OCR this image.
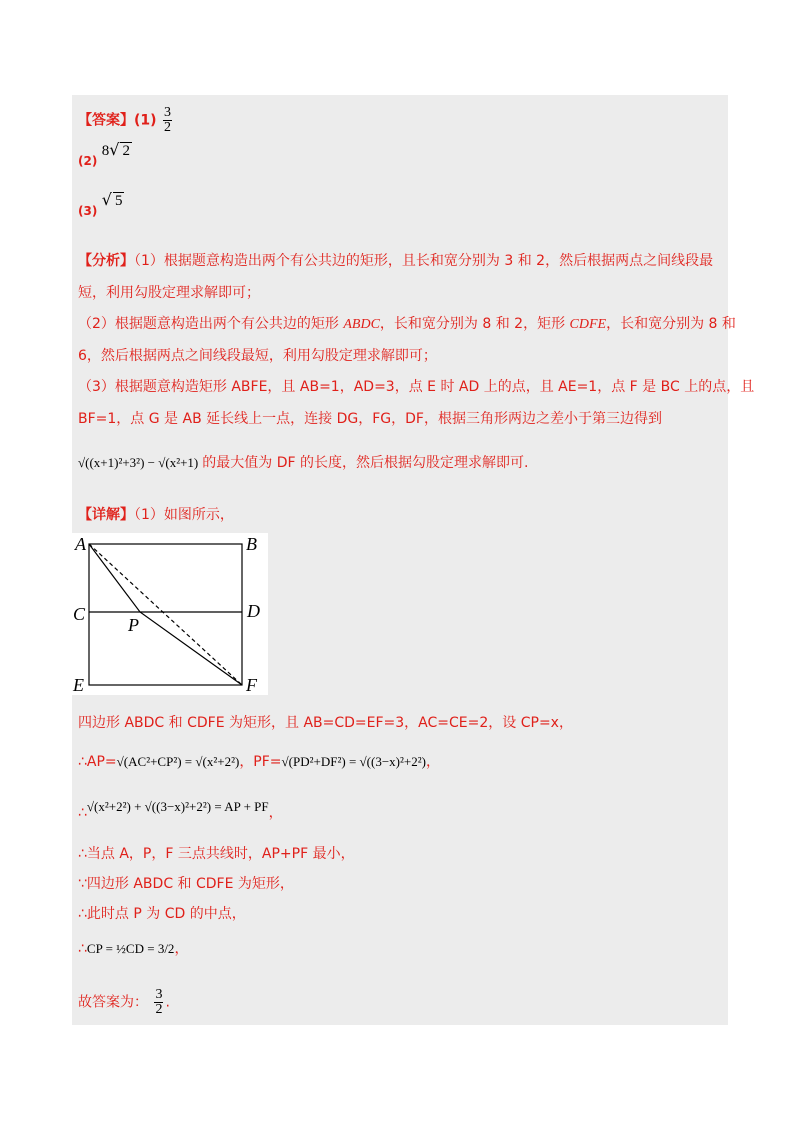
【答案】$(1) \frac{3}{2}$
(2) 8√ 2
(3) √ 5
【分析】（1）根据题意构造出两个有公共边的矩形，且长和宽分别为 3 和 2，然后根据两点之间线段最
短，利用勾股定理求解即可；
（2）根据题意构造出两个有公共边的矩形 ABDC，长和宽分别为 8 和 2，矩形 CDFE，长和宽分别为 8 和
6，然后根据两点之间线段最短，利用勾股定理求解即可；
（3）根据题意构造矩形 ABFE，且 AB=1，AD=3，点 E 时 AD 上的点，且 AE=1，点 F 是 BC 上的点，且
BF=1，点 G 是 AB 延长线上一点，连接 DG，FG，DF，根据三角形两边之差小于第三边得到
√((x+1)²+3²) − √(x²+1) 的最大值为 DF 的长度，然后根据勾股定理求解即可.
【详解】（1）如图所示，
A	B
C	D
P
E	F
四边形 ABDC 和 CDFE 为矩形，且 AB=CD=EF=3，AC=CE=2，设 CP=x，
∴AP=√(AC²+CP²) = √(x²+2²)，PF=√(PD²+DF²) = √((3−x)²+2²)，
∴√(x²+2²) + √((3−x)²+2²) = AP + PF，
∴当点 A，P，F 三点共线时，AP+PF 最小，
∵四边形 ABDC 和 CDFE 为矩形，
∴此时点 P 为 CD 的中点，
∴CP = ½CD = 3/2，
故答案为： $\frac{3}{2}$ .
